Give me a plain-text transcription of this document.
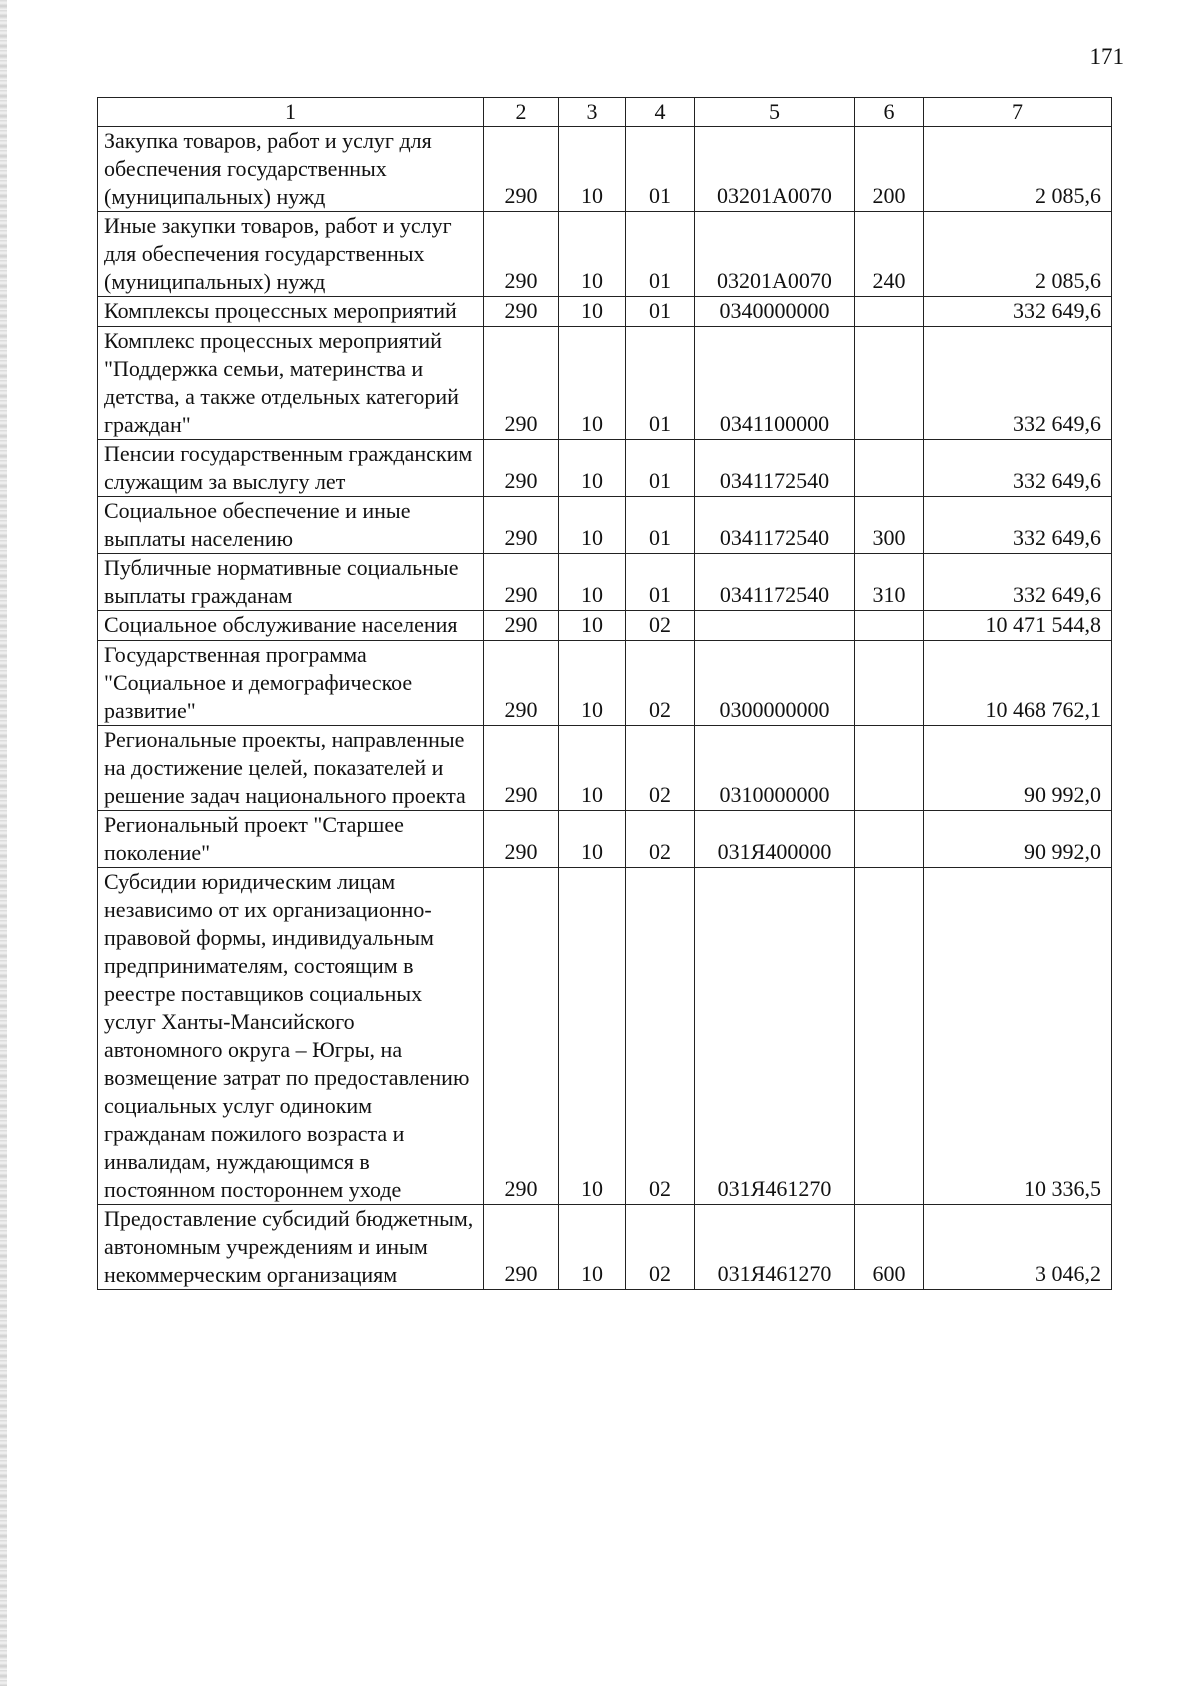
171
1	2	3	4	5	6	7
Закупка товаров, работ и услуг для обеспечения государственных (муниципальных) нужд	290	10	01	03201А0070	200	2 085,6
Иные закупки товаров, работ и услуг для обеспечения государственных (муниципальных) нужд	290	10	01	03201А0070	240	2 085,6
Комплексы процессных мероприятий	290	10	01	0340000000		332 649,6
Комплекс процессных мероприятий "Поддержка семьи, материнства и детства, а также отдельных категорий граждан"	290	10	01	0341100000		332 649,6
Пенсии государственным гражданским служащим за выслугу лет	290	10	01	0341172540		332 649,6
Социальное обеспечение и иные выплаты населению	290	10	01	0341172540	300	332 649,6
Публичные нормативные социальные выплаты гражданам	290	10	01	0341172540	310	332 649,6
Социальное обслуживание населения	290	10	02			10 471 544,8
Государственная программа "Социальное и демографическое развитие"	290	10	02	0300000000		10 468 762,1
Региональные проекты, направленные на достижение целей, показателей и решение задач национального проекта	290	10	02	0310000000		90 992,0
Региональный проект "Старшее поколение"	290	10	02	031Я400000		90 992,0
Субсидии юридическим лицам независимо от их организационно-правовой формы, индивидуальным предпринимателям, состоящим в реестре поставщиков социальных услуг Ханты-Мансийского автономного округа – Югры, на возмещение затрат по предоставлению социальных услуг одиноким гражданам пожилого возраста и инвалидам, нуждающимся в постоянном постороннем уходе	290	10	02	031Я461270		10 336,5
Предоставление субсидий бюджетным, автономным учреждениям и иным некоммерческим организациям	290	10	02	031Я461270	600	3 046,2
